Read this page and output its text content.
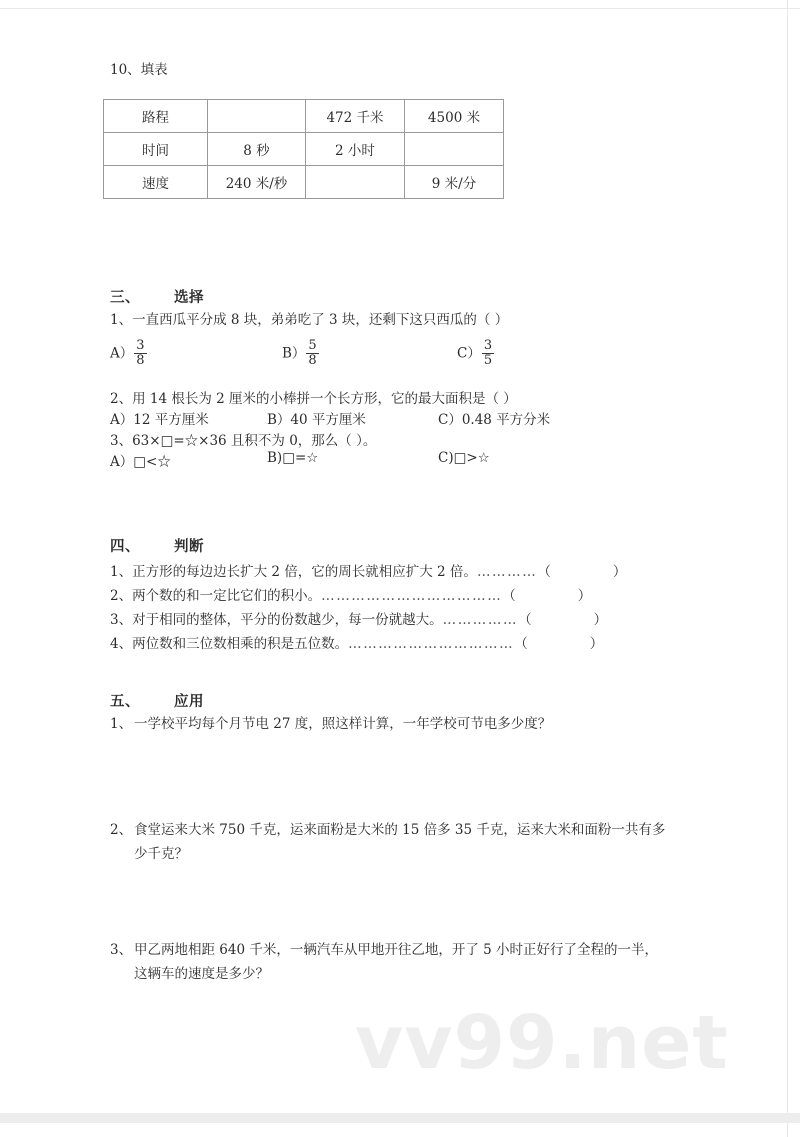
10、填表
路程		472 千米	4500 米
时间	8 秒	2 小时	
速度	240 米/秒		9 米/分
三、 选择
1、一直西瓜平分成 8 块，弟弟吃了 3 块，还剩下这只西瓜的（ ）
$A) \frac{3}{8}$	$B) \frac{5}{8}$	$C) \frac{3}{5}$
2、用 14 根长为 2 厘米的小棒拼一个长方形，它的最大面积是（ ）
A）12 平方厘米	B）40 平方厘米	C）0.48 平方分米
3、63×□=☆×36 且积不为 0，那么（ ）。
A）□<☆	B)□=☆	C)□>☆
四、 判断
1、正方形的每边边长扩大 2 倍，它的周长就相应扩大 2 倍。…………（	）
2、两个数的和一定比它们的积小。………………………………（	）
3、对于相同的整体，平分的份数越少，每一份就越大。……………（	）
4、两位数和三位数相乘的积是五位数。……………………………（	）
五、 应用
1、 一学校平均每个月节电 27 度，照这样计算，一年学校可节电多少度？
2、 食堂运来大米 750 千克，运来面粉是大米的 15 倍多 35 千克，运来大米和面粉一共有多
少千克？
3、 甲乙两地相距 640 千米，一辆汽车从甲地开往乙地，开了 5 小时正好行了全程的一半，
这辆车的速度是多少？
vv99.net
